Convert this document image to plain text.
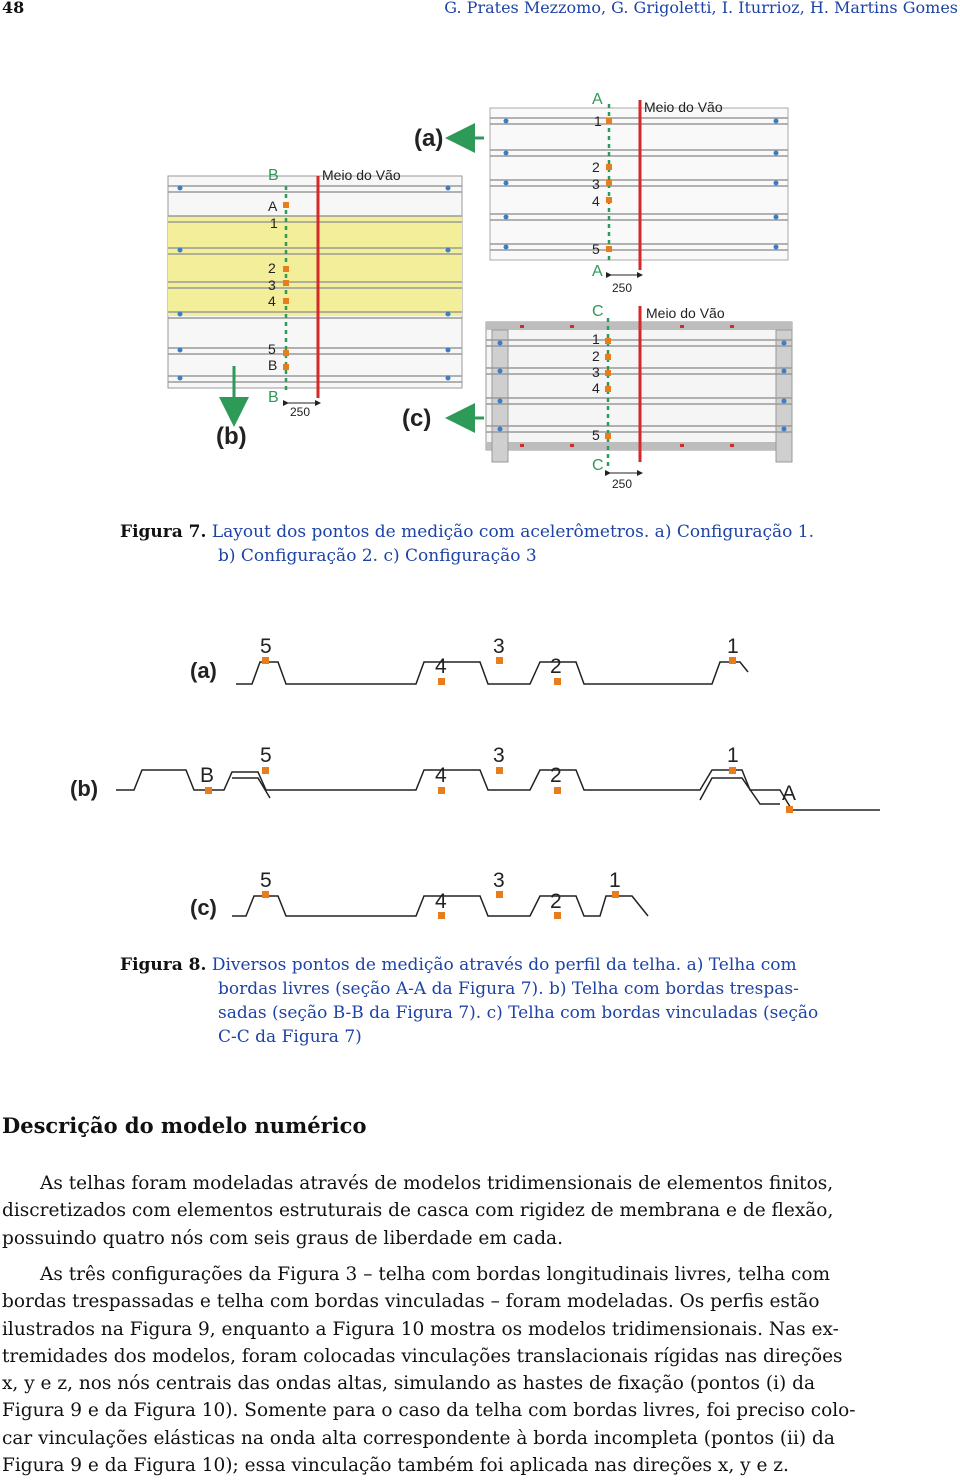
48	G. Prates Mezzomo, G. Grigoletti, I. Iturrioz, H. Martins Gomes
B
A
1
2
3
4
5
B
B
Meio do Vão
250
(b)
A
1
2
3
4
5
A
Meio do Vão
250
(a)
C
1
2
3
4
5
C
Meio do Vão
250
(c)
Figura 7. Layout dos pontos de medição com acelerômetros. a) Configuração 1.
b) Configuração 2. c) Configuração 3
(a)
5
4
3
2
1
(b)
B
5
4
3
2
1
A
(c)
5
4
3
2
1
Figura 8. Diversos pontos de medição através do perfil da telha. a) Telha com
bordas livres (seção A-A da Figura 7). b) Telha com bordas trespas-
sadas (seção B-B da Figura 7). c) Telha com bordas vinculadas (seção
C-C da Figura 7)
Descrição do modelo numérico
As telhas foram modeladas através de modelos tridimensionais de elementos finitos,
discretizados com elementos estruturais de casca com rigidez de membrana e de flexão,
possuindo quatro nós com seis graus de liberdade em cada.
As três configurações da Figura 3 – telha com bordas longitudinais livres, telha com
bordas trespassadas e telha com bordas vinculadas – foram modeladas. Os perfis estão
ilustrados na Figura 9, enquanto a Figura 10 mostra os modelos tridimensionais. Nas ex-
tremidades dos modelos, foram colocadas vinculações translacionais rígidas nas direções
x, y e z, nos nós centrais das ondas altas, simulando as hastes de fixação (pontos (i) da
Figura 9 e da Figura 10). Somente para o caso da telha com bordas livres, foi preciso colo-
car vinculações elásticas na onda alta correspondente à borda incompleta (pontos (ii) da
Figura 9 e da Figura 10); essa vinculação também foi aplicada nas direções x, y e z.
